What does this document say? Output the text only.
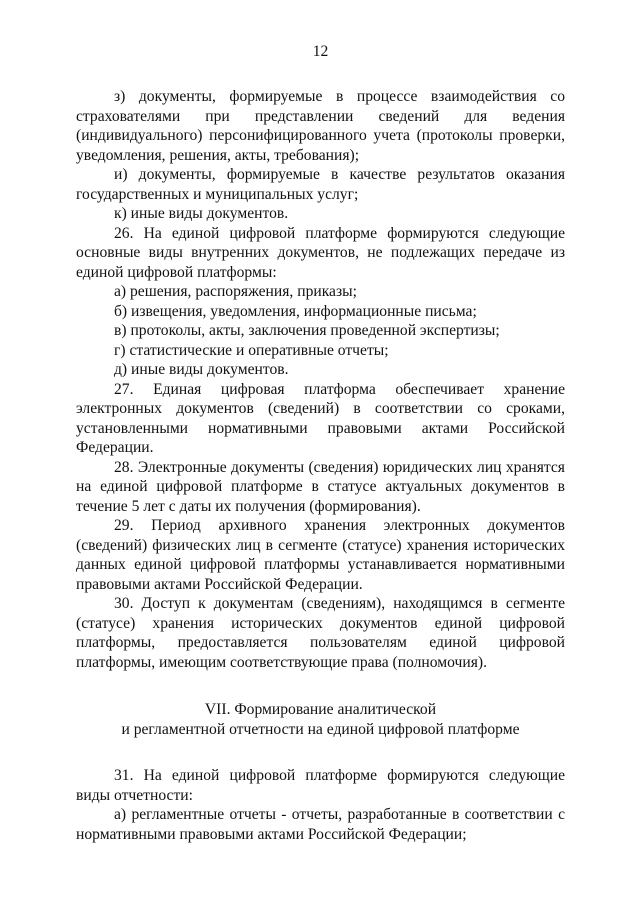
12

з) документы, формируемые в процессе взаимодействия со страхователями при представлении сведений для ведения (индивидуального) персонифицированного учета (протоколы проверки, уведомления, решения, акты, требования);

и) документы, формируемые в качестве результатов оказания государственных и муниципальных услуг;

к) иные виды документов.

26. На единой цифровой платформе формируются следующие основные виды внутренних документов, не подлежащих передаче из единой цифровой платформы:

а) решения, распоряжения, приказы;

б) извещения, уведомления, информационные письма;

в) протоколы, акты, заключения проведенной экспертизы;

г) статистические и оперативные отчеты;

д) иные виды документов.

27. Единая цифровая платформа обеспечивает хранение электронных документов (сведений) в соответствии со сроками, установленными нормативными правовыми актами Российской Федерации.

28. Электронные документы (сведения) юридических лиц хранятся на единой цифровой платформе в статусе актуальных документов в течение 5 лет с даты их получения (формирования).

29. Период архивного хранения электронных документов (сведений) физических лиц в сегменте (статусе) хранения исторических данных единой цифровой платформы устанавливается нормативными правовыми актами Российской Федерации.

30. Доступ к документам (сведениям), находящимся в сегменте (статусе) хранения исторических документов единой цифровой платформы, предоставляется пользователям единой цифровой платформы, имеющим соответствующие права (полномочия).

VII. Формирование аналитической
и регламентной отчетности на единой цифровой платформе

31. На единой цифровой платформе формируются следующие виды отчетности:

а) регламентные отчеты - отчеты, разработанные в соответствии с нормативными правовыми актами Российской Федерации;
